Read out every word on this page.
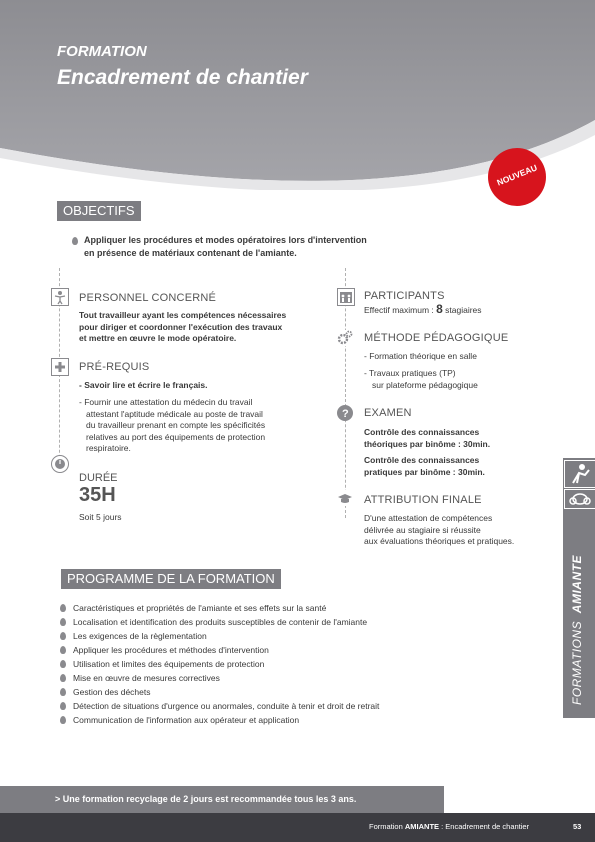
FORMATION
Encadrement de chantier
NOUVEAU
OBJECTIFS
Appliquer les procédures et modes opératoires lors d'intervention
en présence de matériaux contenant de l'amiante.
PERSONNEL CONCERNÉ
Tout travailleur ayant les compétences nécessaires
pour diriger et coordonner l'exécution des travaux
et mettre en œuvre le mode opératoire.
PRÉ-REQUIS
- Savoir lire et écrire le français.
- Fournir une attestation du médecin du travail
attestant l'aptitude médicale au poste de travail
du travailleur prenant en compte les spécificités
relatives au port des équipements de protection
respiratoire.
DURÉE
35H
Soit 5 jours
PARTICIPANTS
Effectif maximum : 8 stagiaires
MÉTHODE PÉDAGOGIQUE
- Formation théorique en salle
- Travaux pratiques (TP)
sur plateforme pédagogique
? EXAMEN
Contrôle des connaissances
théoriques par binôme : 30min.
Contrôle des connaissances
pratiques par binôme : 30min.
ATTRIBUTION FINALE
D'une attestation de compétences
délivrée au stagiaire si réussite
aux évaluations théoriques et pratiques.
PROGRAMME DE LA FORMATION
Caractéristiques et propriétés de l'amiante et ses effets sur la santé
Localisation et identification des produits susceptibles de contenir de l'amiante
Les exigences de la règlementation
Appliquer les procédures et méthodes d'intervention
Utilisation et limites des équipements de protection
Mise en œuvre de mesures correctives
Gestion des déchets
Détection de situations d'urgence ou anormales, conduite à tenir et droit de retrait
Communication de l'information aux opérateur et application
FORMATIONS  AMIANTE
> Une formation recyclage de 2 jours est recommandée tous les 3 ans.
Formation AMIANTE : Encadrement de chantier	53
